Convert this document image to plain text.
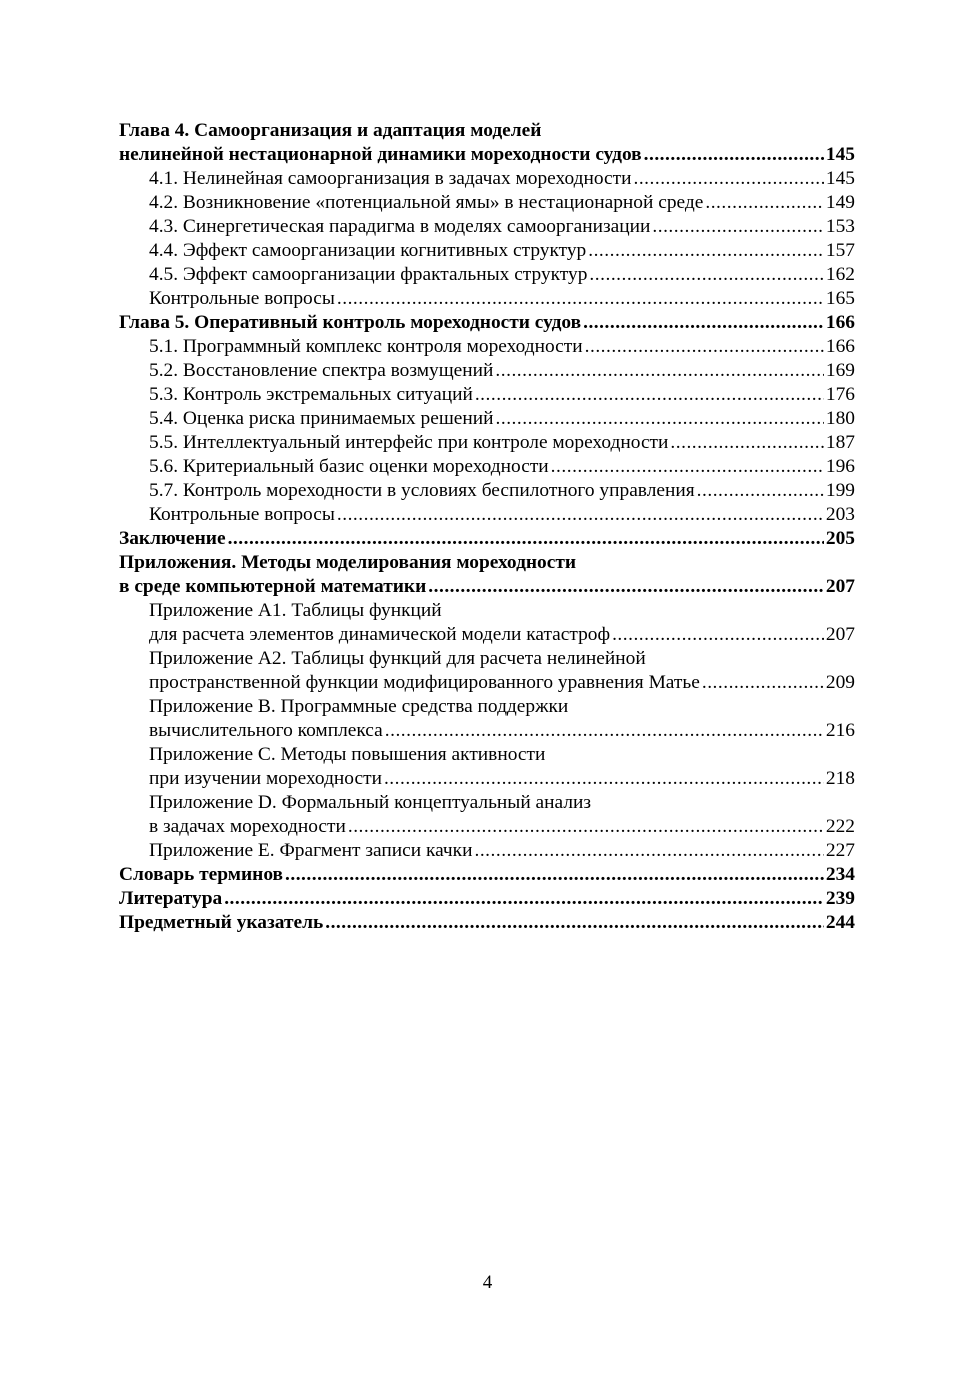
Глава 4. Самоорганизация и адаптация моделей
нелинейной нестационарной динамики мореходности судов .....	145
4.1. Нелинейная самоорганизация в задачах мореходности .....	145
4.2. Возникновение «потенциальной ямы» в нестационарной среде .....	149
4.3. Синергетическая парадигма в моделях самоорганизации .....	153
4.4. Эффект самоорганизации когнитивных структур .....	157
4.5. Эффект самоорганизации фрактальных структур .....	162
Контрольные вопросы .....	165
Глава 5. Оперативный контроль мореходности судов .....	166
5.1. Программный комплекс контроля мореходности .....	166
5.2. Восстановление спектра возмущений .....	169
5.3. Контроль экстремальных ситуаций .....	176
5.4. Оценка риска принимаемых решений .....	180
5.5. Интеллектуальный интерфейс при контроле мореходности .....	187
5.6. Критериальный базис оценки мореходности .....	196
5.7. Контроль мореходности в условиях беспилотного управления .....	199
Контрольные вопросы .....	203
Заключение .....	205
Приложения. Методы моделирования мореходности
в среде компьютерной математики .....	207
Приложение А1. Таблицы функций
для расчета элементов динамической модели катастроф .....	207
Приложение А2. Таблицы функций для расчета нелинейной
пространственной функции модифицированного уравнения Матье .....	209
Приложение В. Программные средства поддержки
вычислительного комплекса .....	216
Приложение С. Методы повышения активности
при изучении мореходности .....	218
Приложение D. Формальный концептуальный анализ
в задачах мореходности .....	222
Приложение Е. Фрагмент записи качки .....	227
Словарь терминов .....	234
Литература .....	239
Предметный указатель .....	244
4
